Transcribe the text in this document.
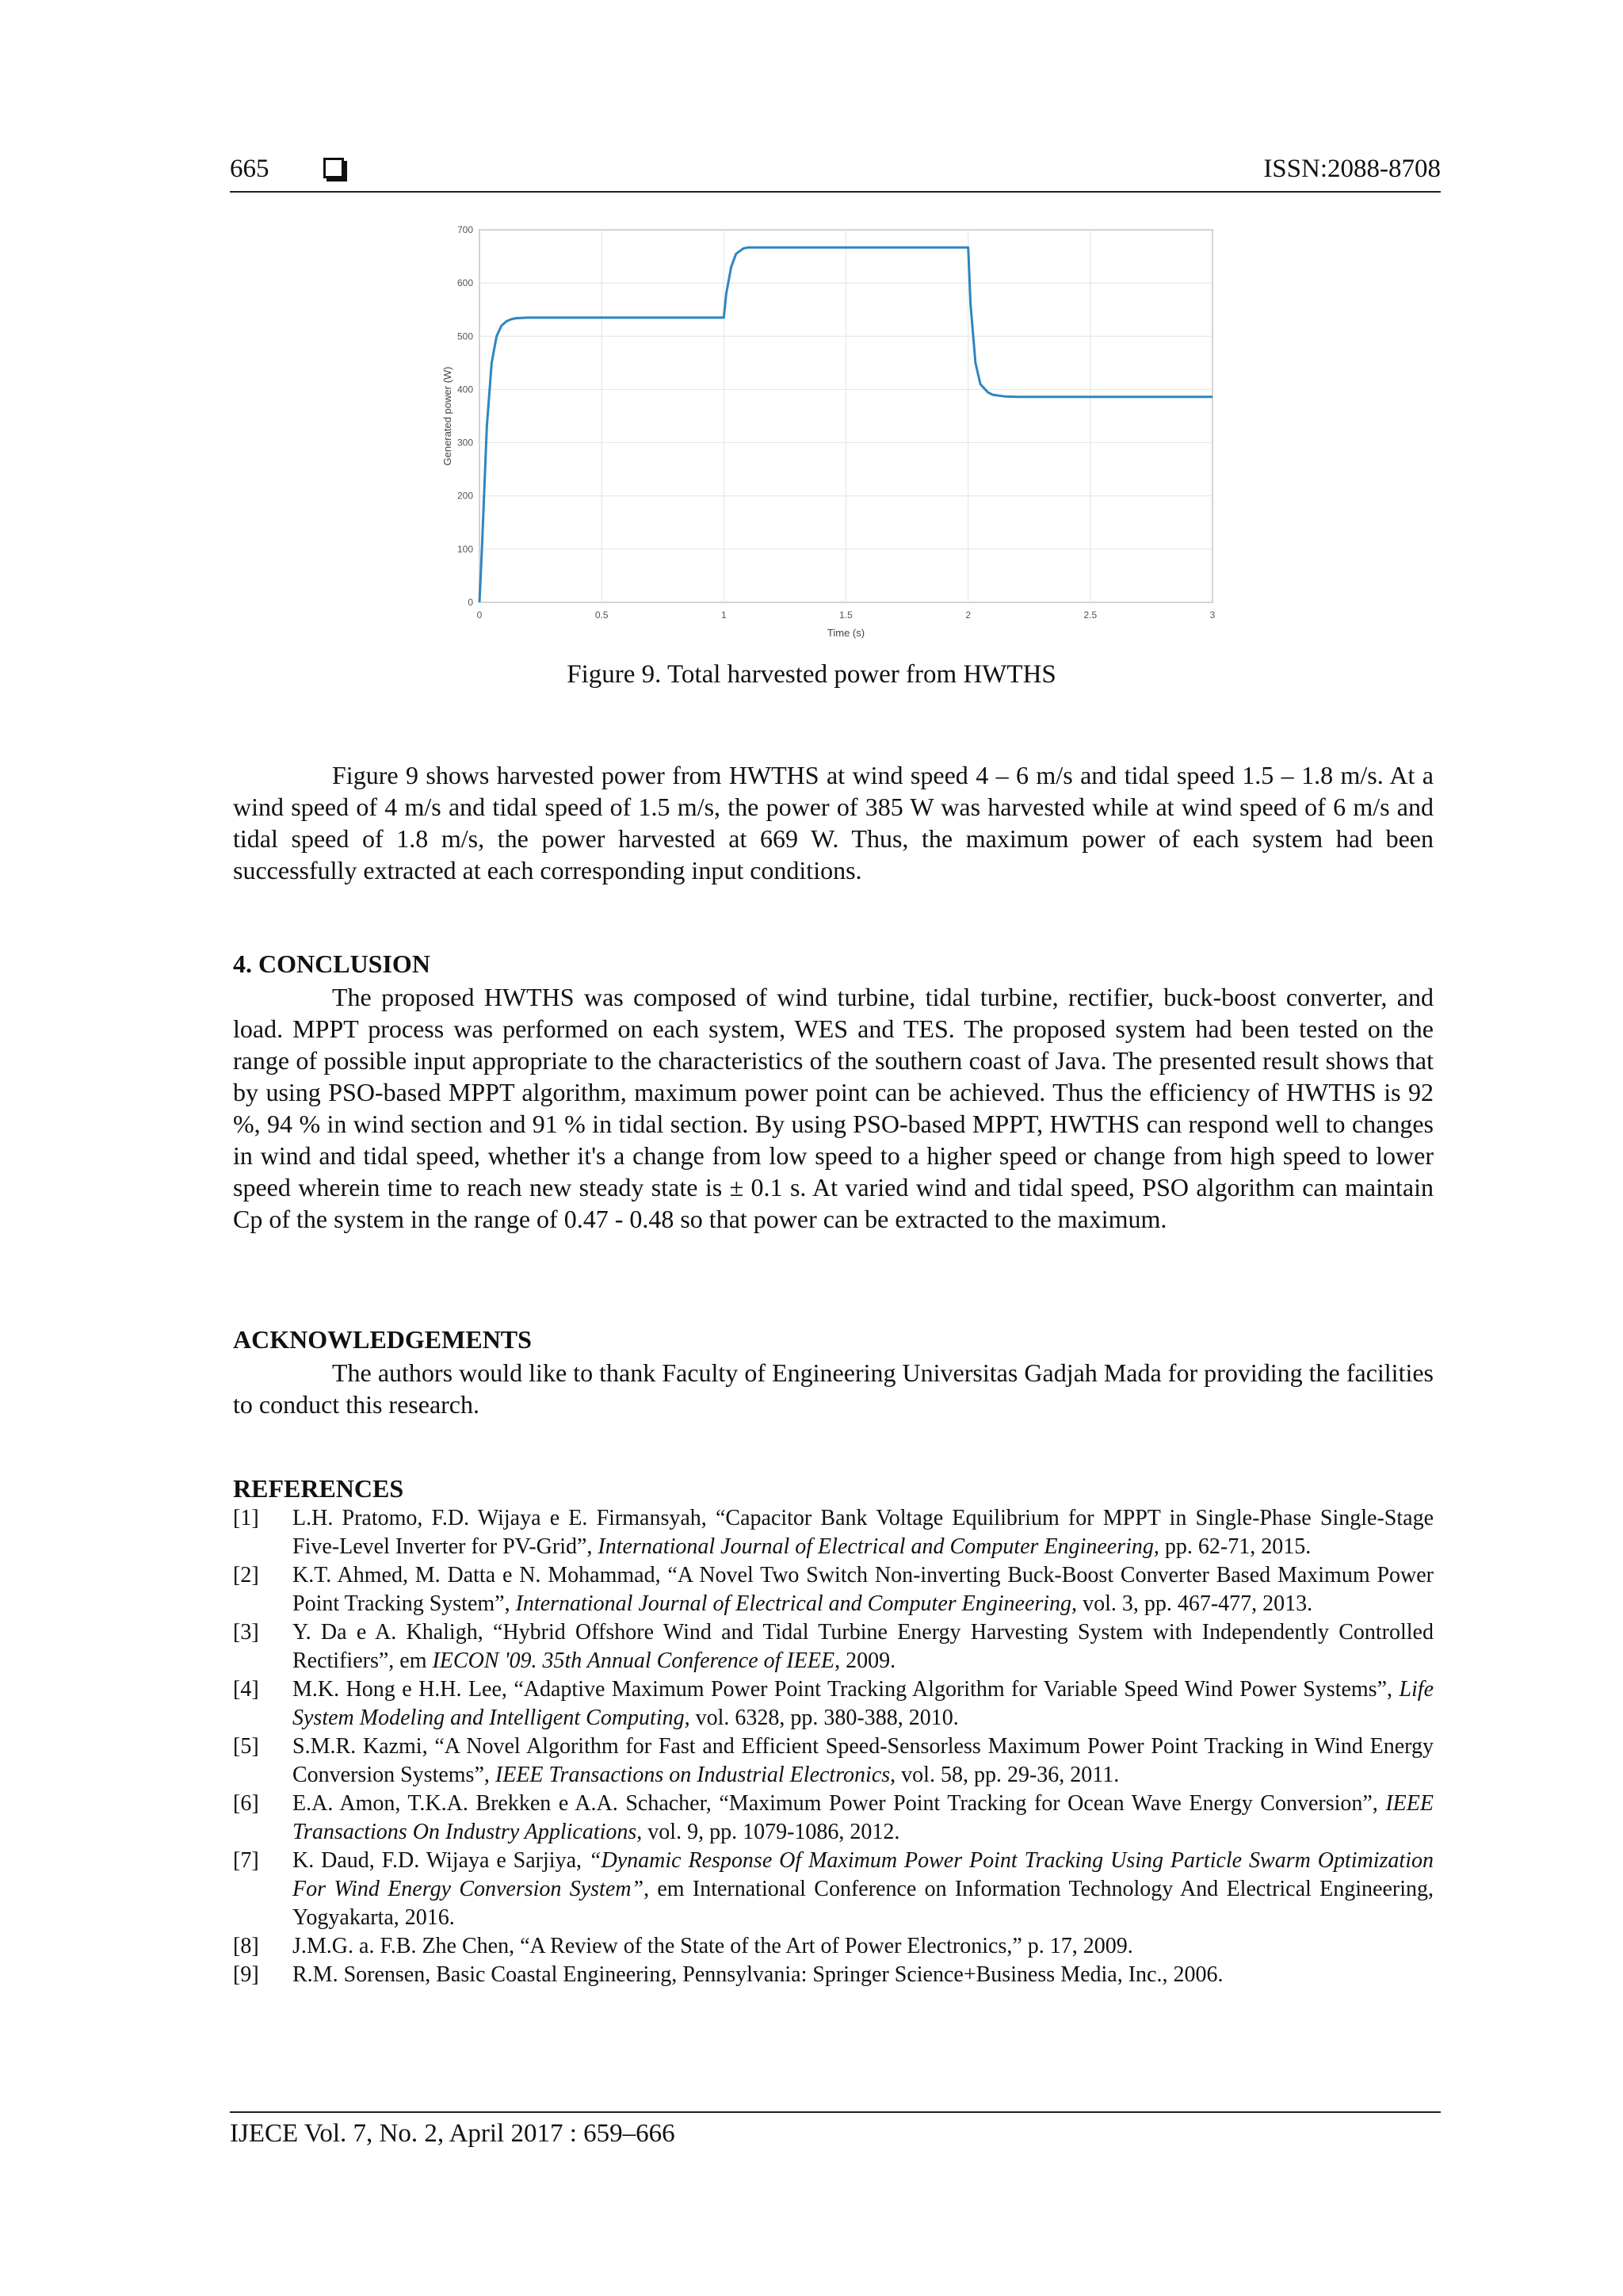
665	ISSN:2088-8708
0	0.5	1	1.5	2	2.5	3
0
100
200
300
400
500
600
700
Time (s)
Generated power (W)
Figure 9. Total harvested power from HWTHS
Figure 9 shows harvested power from HWTHS at wind speed 4 – 6 m/s and tidal speed 1.5 – 1.8 m/s. At a wind speed of 4 m/s and tidal speed of 1.5 m/s, the power of 385 W was harvested while at wind speed of 6 m/s and tidal speed of 1.8 m/s, the power harvested at 669 W. Thus, the maximum power of each system had been successfully extracted at each corresponding input conditions.
4. CONCLUSION
The proposed HWTHS was composed of wind turbine, tidal turbine, rectifier, buck-boost converter, and load. MPPT process was performed on each system, WES and TES. The proposed system had been tested on the range of possible input appropriate to the characteristics of the southern coast of Java. The presented result shows that by using PSO-based MPPT algorithm, maximum power point can be achieved. Thus the efficiency of HWTHS is 92 %, 94 % in wind section and 91 % in tidal section. By using PSO-based MPPT, HWTHS can respond well to changes in wind and tidal speed, whether it's a change from low speed to a higher speed or change from high speed to lower speed wherein time to reach new steady state is ± 0.1 s. At varied wind and tidal speed, PSO algorithm can maintain Cp of the system in the range of 0.47 - 0.48 so that power can be extracted to the maximum.
ACKNOWLEDGEMENTS
The authors would like to thank Faculty of Engineering Universitas Gadjah Mada for providing the facilities to conduct this research.
REFERENCES
[1] L.H. Pratomo, F.D. Wijaya e E. Firmansyah, “Capacitor Bank Voltage Equilibrium for MPPT in Single-Phase Single-Stage Five-Level Inverter for PV-Grid”, International Journal of Electrical and Computer Engineering, pp. 62-71, 2015.
[2] K.T. Ahmed, M. Datta e N. Mohammad, “A Novel Two Switch Non-inverting Buck-Boost Converter Based Maximum Power Point Tracking System”, International Journal of Electrical and Computer Engineering, vol. 3, pp. 467-477, 2013.
[3] Y. Da e A. Khaligh, “Hybrid Offshore Wind and Tidal Turbine Energy Harvesting System with Independently Controlled Rectifiers”, em IECON '09. 35th Annual Conference of IEEE, 2009.
[4] M.K. Hong e H.H. Lee, “Adaptive Maximum Power Point Tracking Algorithm for Variable Speed Wind Power Systems”, Life System Modeling and Intelligent Computing, vol. 6328, pp. 380-388, 2010.
[5] S.M.R. Kazmi, “A Novel Algorithm for Fast and Efficient Speed-Sensorless Maximum Power Point Tracking in Wind Energy Conversion Systems”, IEEE Transactions on Industrial Electronics, vol. 58, pp. 29-36, 2011.
[6] E.A. Amon, T.K.A. Brekken e A.A. Schacher, “Maximum Power Point Tracking for Ocean Wave Energy Conversion”, IEEE Transactions On Industry Applications, vol. 9, pp. 1079-1086, 2012.
[7] K. Daud, F.D. Wijaya e Sarjiya, “Dynamic Response Of Maximum Power Point Tracking Using Particle Swarm Optimization For Wind Energy Conversion System”, em International Conference on Information Technology And Electrical Engineering, Yogyakarta, 2016.
[8] J.M.G. a. F.B. Zhe Chen, “A Review of the State of the Art of Power Electronics,” p. 17, 2009.
[9] R.M. Sorensen, Basic Coastal Engineering, Pennsylvania: Springer Science+Business Media, Inc., 2006.
IJECE Vol. 7, No. 2, April 2017 : 659–666
